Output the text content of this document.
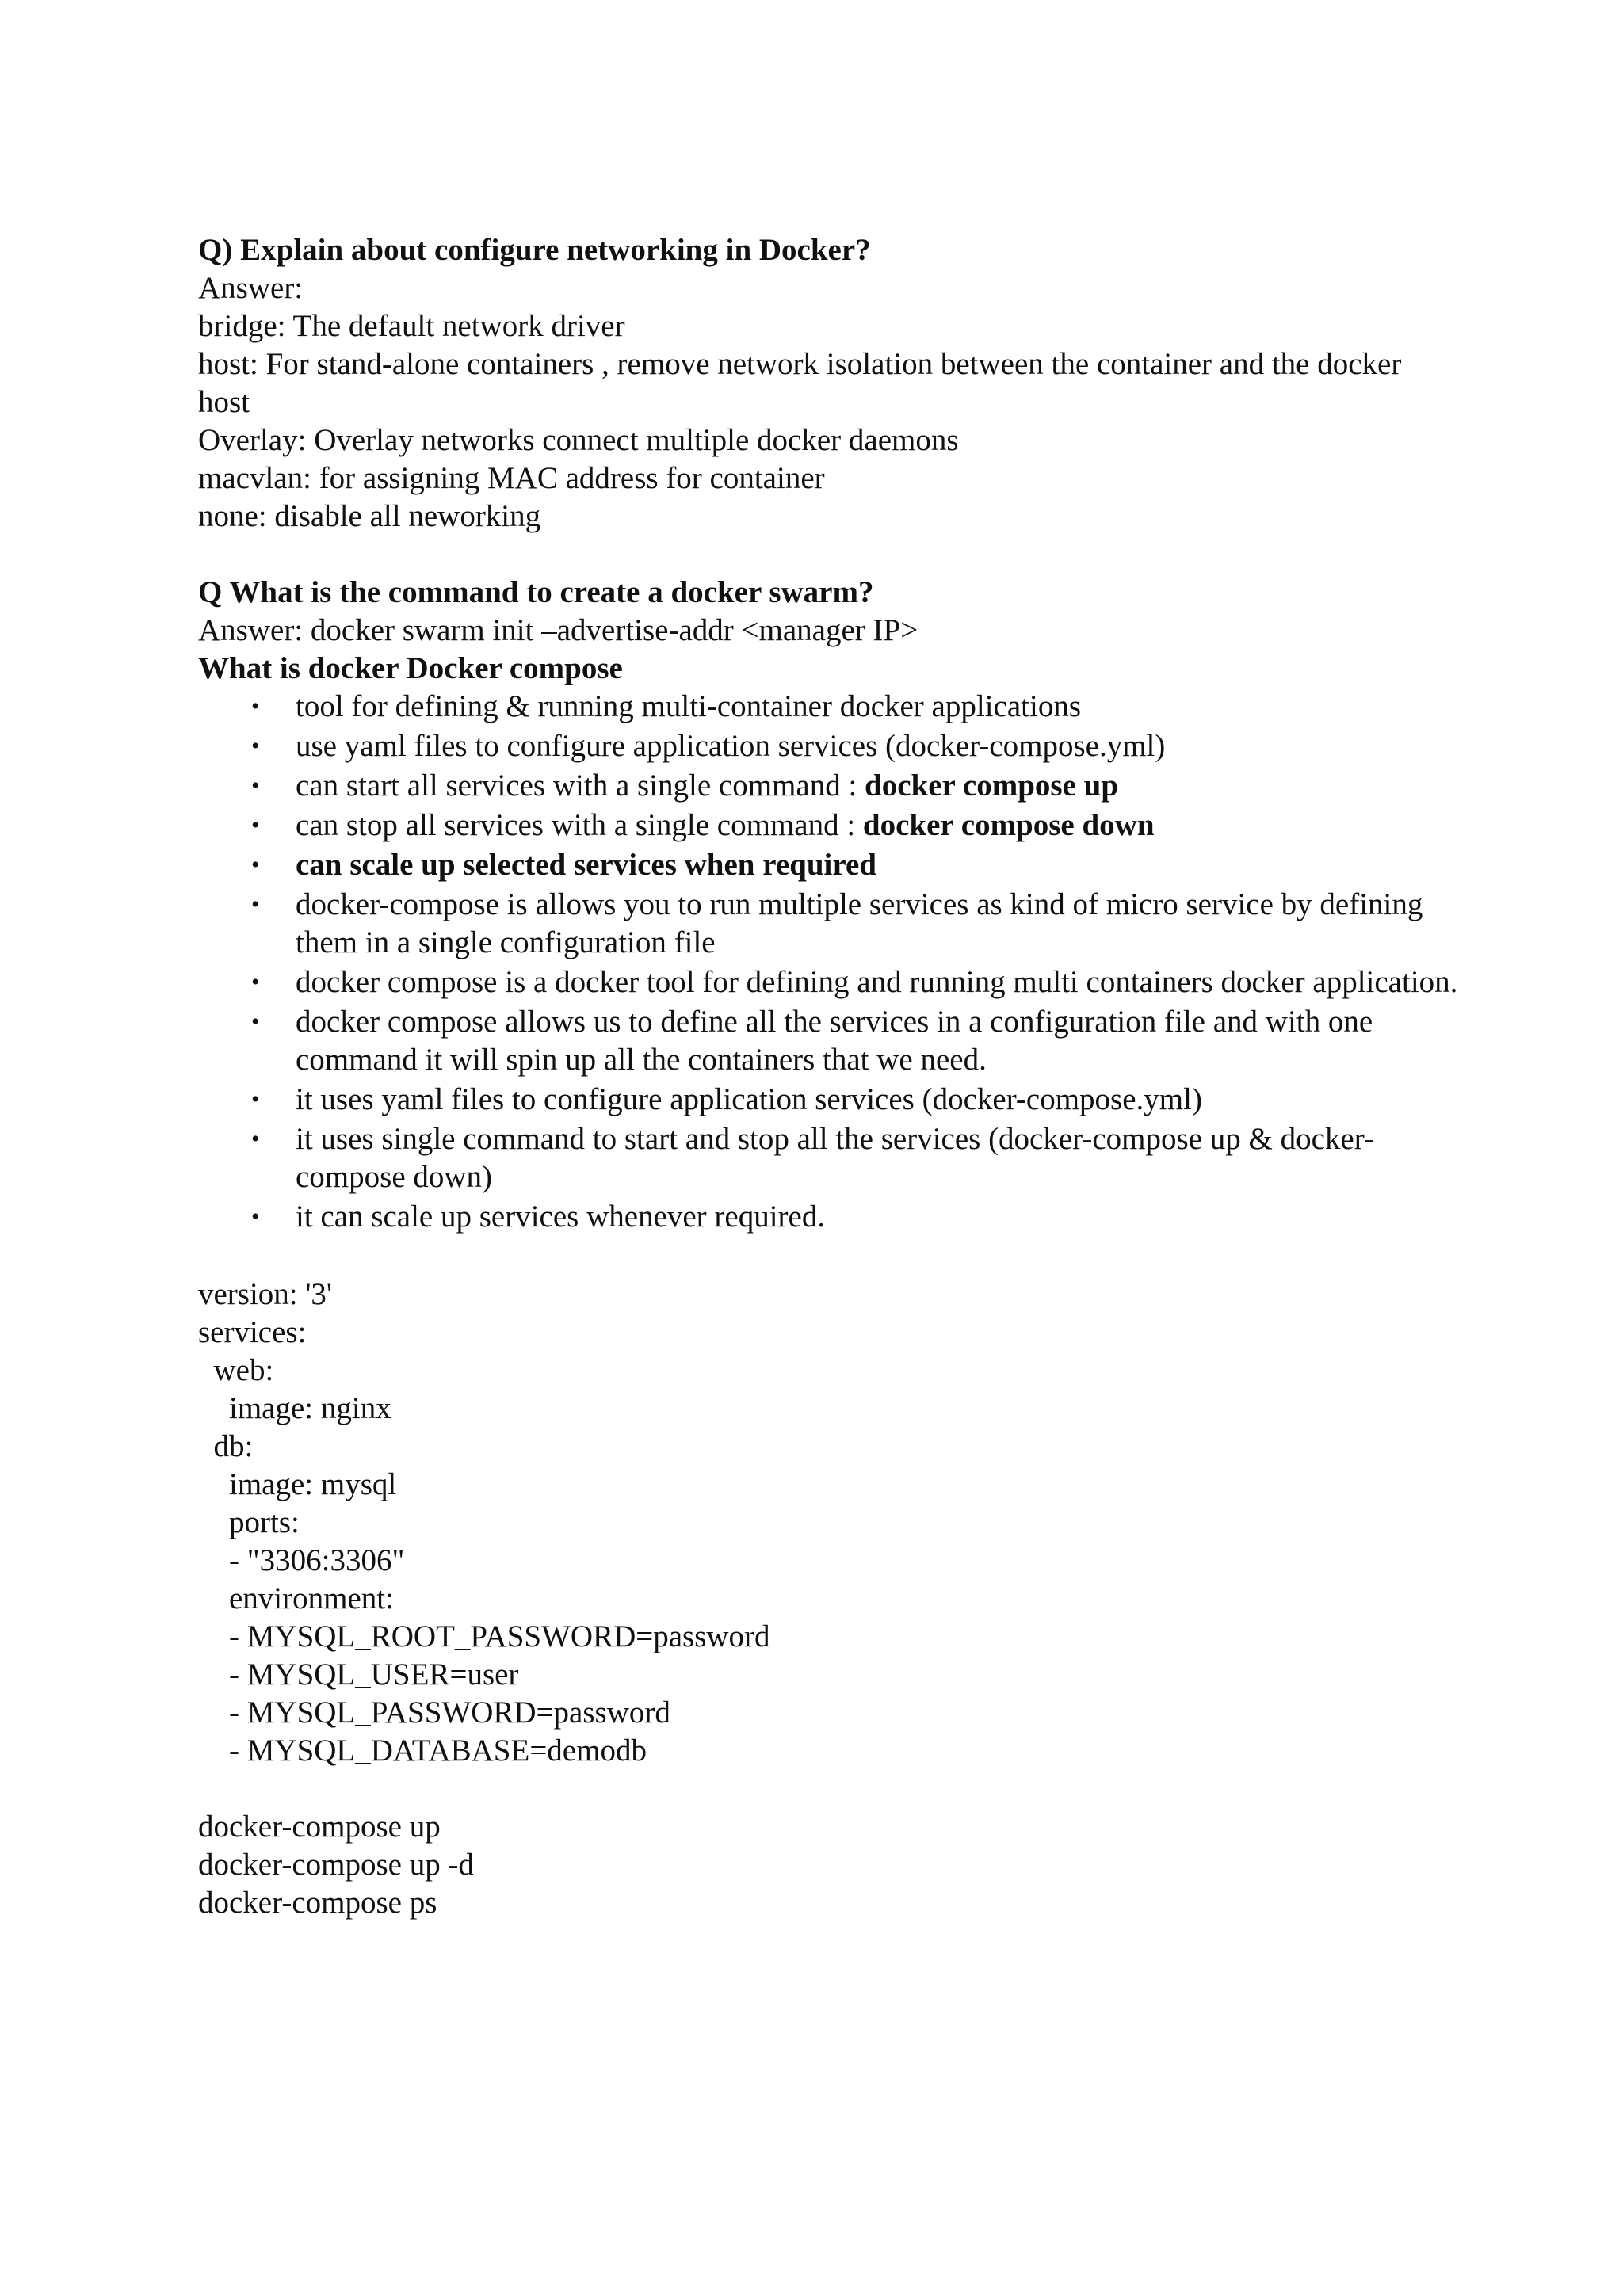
Q) Explain about configure networking in Docker?
Answer:
bridge: The default network driver
host: For stand-alone containers , remove network isolation between the container and the docker host
Overlay: Overlay networks connect multiple docker daemons
macvlan: for assigning MAC address for container
none: disable all neworking
Q What is the command to create a docker swarm?
Answer: docker swarm init –advertise-addr <manager IP>
What is docker Docker compose
• tool for defining & running multi-container docker applications
• use yaml files to configure application services (docker-compose.yml)
• can start all services with a single command : docker compose up
• can stop all services with a single command : docker compose down
• can scale up selected services when required
• docker-compose is allows you to run multiple services as kind of micro service by defining them in a single configuration file
• docker compose is a docker tool for defining and running multi containers docker application.
• docker compose allows us to define all the services in a configuration file and with one command it will spin up all the containers that we need.
• it uses yaml files to configure application services (docker-compose.yml)
• it uses single command to start and stop all the services (docker-compose up & docker-compose down)
• it can scale up services whenever required.
version: '3'
services:
web:
image: nginx
db:
image: mysql
ports:
- "3306:3306"
environment:
- MYSQL_ROOT_PASSWORD=password
- MYSQL_USER=user
- MYSQL_PASSWORD=password
- MYSQL_DATABASE=demodb
docker-compose up
docker-compose up -d
docker-compose ps
